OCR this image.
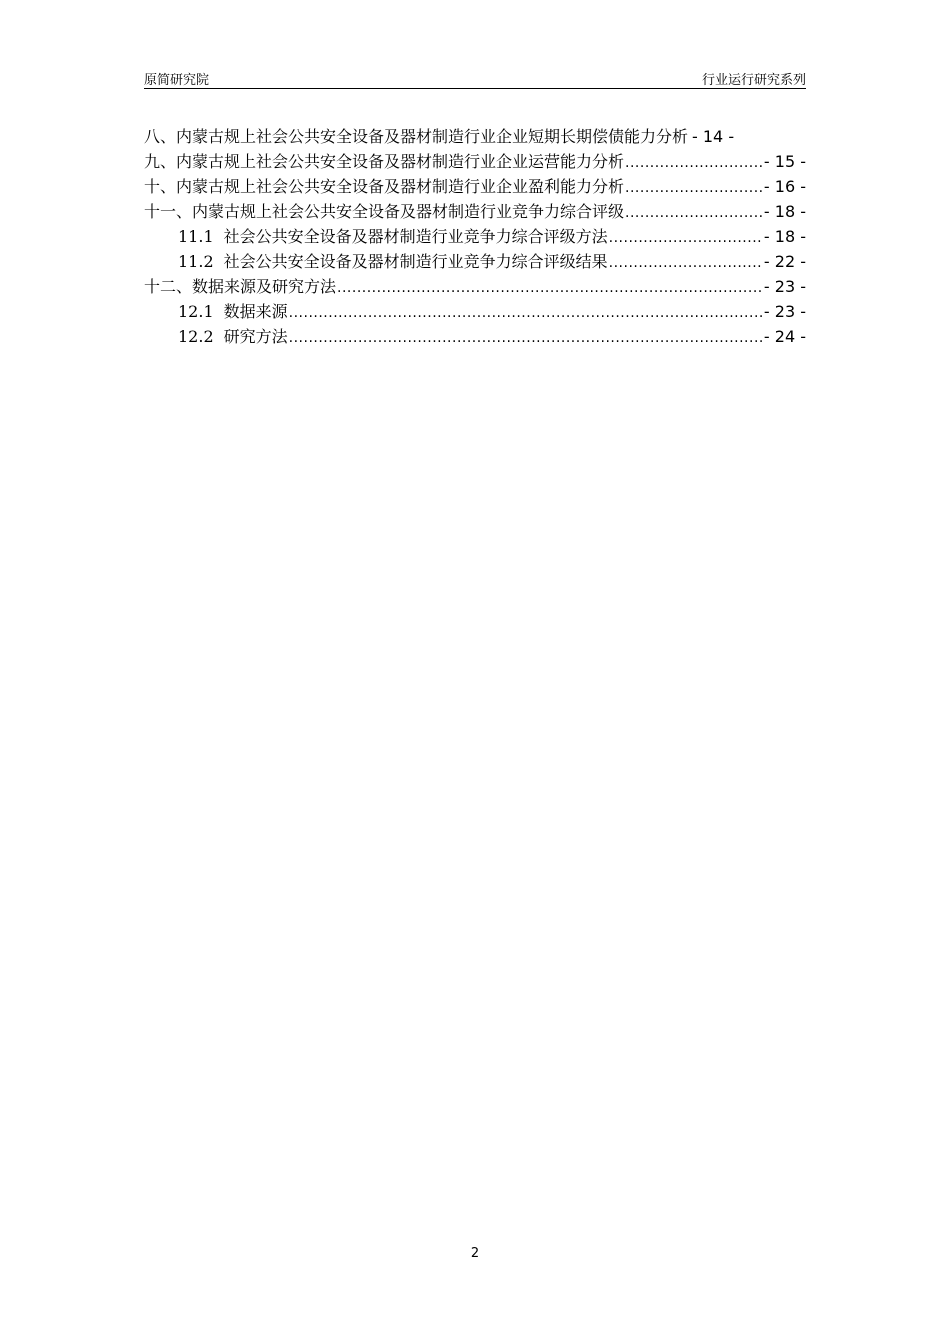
原简研究院	行业运行研究系列
八、内蒙古规上社会公共安全设备及器材制造行业企业短期长期偿债能力分析 - 14 -
九、内蒙古规上社会公共安全设备及器材制造行业企业运营能力分析 .....	- 15 -
十、内蒙古规上社会公共安全设备及器材制造行业企业盈利能力分析 .....	- 16 -
十一、内蒙古规上社会公共安全设备及器材制造行业竞争力综合评级 .....	- 18 -
11.1 社会公共安全设备及器材制造行业竞争力综合评级方法 .....	- 18 -
11.2 社会公共安全设备及器材制造行业竞争力综合评级结果 .....	- 22 -
十二、数据来源及研究方法 .....	- 23 -
12.1 数据来源 .....	- 23 -
12.2 研究方法 .....	- 24 -
2
